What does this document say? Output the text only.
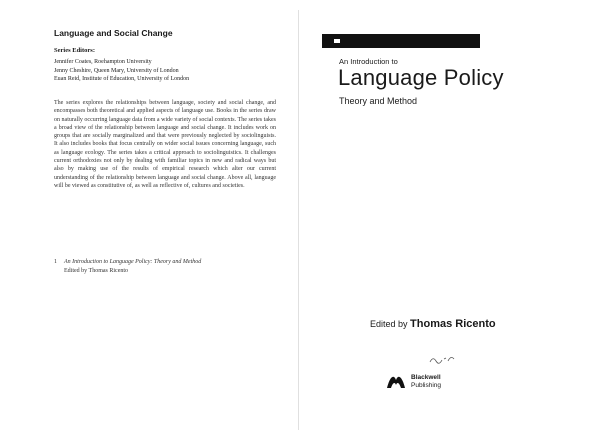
Language and Social Change
Series Editors:
Jennifer Coates, Roehampton University
Jenny Cheshire, Queen Mary, University of London
Euan Reid, Institute of Education, University of London
The series explores the relationships between language, society and social change, and encompasses both theoretical and applied aspects of language use. Books in the series draw on naturally occurring language data from a wide variety of social contexts. The series takes a broad view of the relationship between language and social change. It includes work on groups that are socially marginalized and that were previously neglected by sociolinguists. It also includes books that focus centrally on wider social issues concerning language, such as language ecology. The series takes a critical approach to sociolinguistics. It challenges current orthodoxies not only by dealing with familiar topics in new and radical ways but also by making use of the results of empirical research which alter our current understanding of the relationship between language and social change. Above all, language will be viewed as constitutive of, as well as reflective of, cultures and societies.
1 An Introduction to Language Policy: Theory and Method
Edited by Thomas Ricento
An Introduction to
Language Policy
Theory and Method
Edited by Thomas Ricento
Blackwell
Publishing
